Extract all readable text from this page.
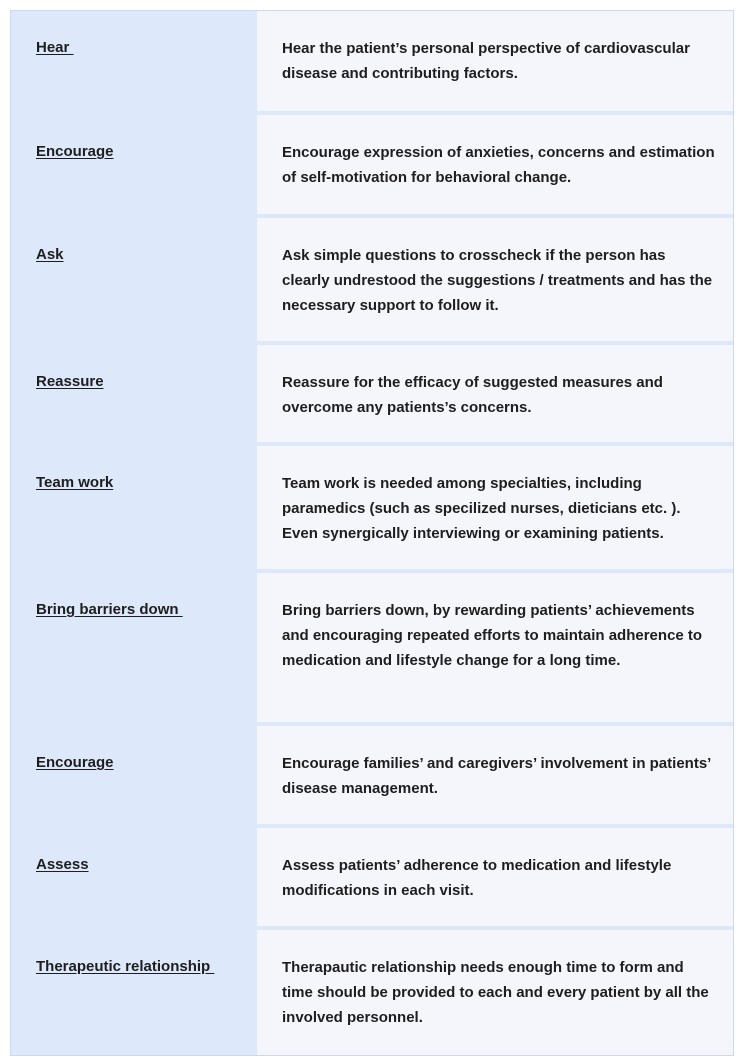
Hear	Hear the patient’s personal perspective of cardiovascular disease and contributing factors.
Encourage	Encourage expression of anxieties, concerns and estimation of self-motivation for behavioral change.
Ask	Ask simple questions to crosscheck if the person has clearly undrestood the suggestions / treatments and has the necessary support to follow it.
Reassure	Reassure for the efficacy of suggested measures and overcome any patients’s concerns.
Team work	Team work is needed among specialties, including paramedics (such as specilized nurses, dieticians etc. ). Even synergically interviewing or examining patients.
Bring barriers down	Bring barriers down, by rewarding patients’ achievements and encouraging repeated efforts to maintain adherence to medication and lifestyle change for a long time.
Encourage	Encourage families’ and caregivers’ involvement in patients’ disease management.
Assess	Assess patients’ adherence to medication and lifestyle modifications in each visit.
Therapeutic relationship	Therapautic relationship needs enough time to form and time should be provided to each and every patient by all the involved personnel.
